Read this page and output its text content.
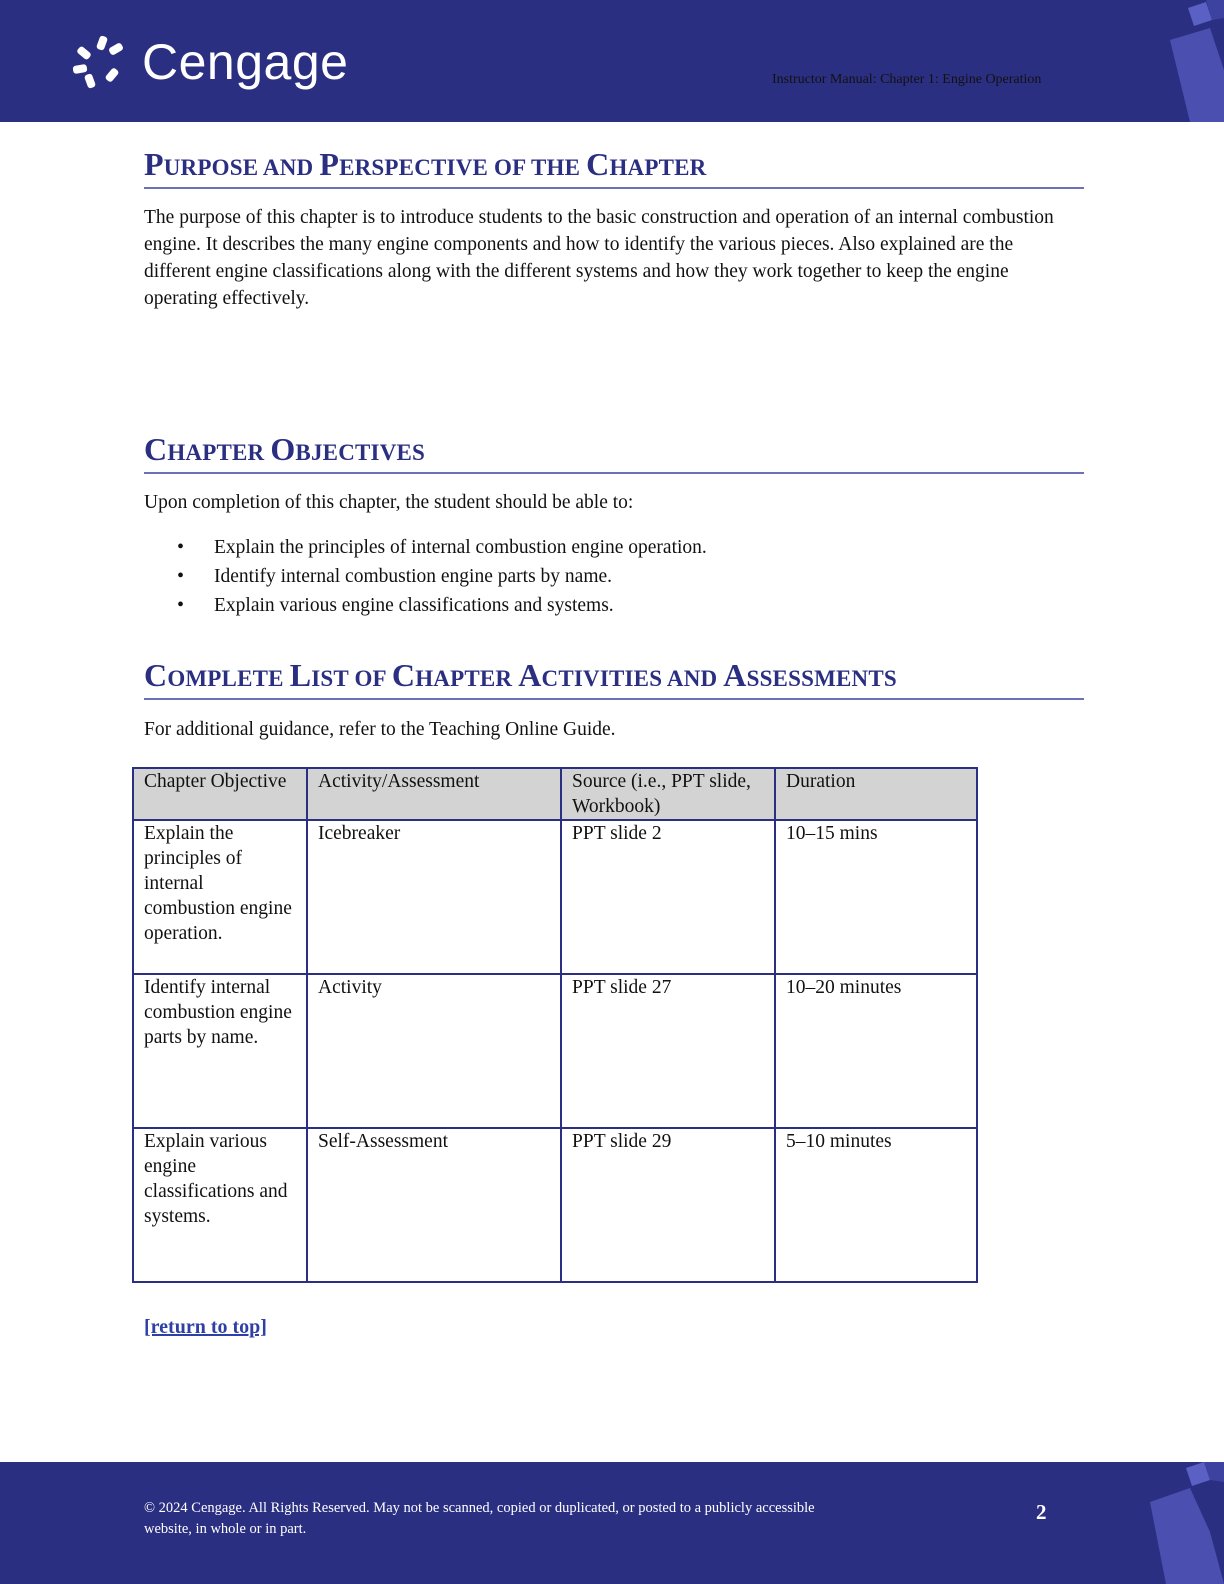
Cengage	Instructor Manual: Chapter 1: Engine Operation
PURPOSE AND PERSPECTIVE OF THE CHAPTER

The purpose of this chapter is to introduce students to the basic construction and operation of an internal combustion engine. It describes the many engine components and how to identify the various pieces. Also explained are the different engine classifications along with the different systems and how they work together to keep the engine operating effectively.

CHAPTER OBJECTIVES

Upon completion of this chapter, the student should be able to:

• Explain the principles of internal combustion engine operation.
• Identify internal combustion engine parts by name.
• Explain various engine classifications and systems.
COMPLETE LIST OF CHAPTER ACTIVITIES AND ASSESSMENTS

For additional guidance, refer to the Teaching Online Guide.

Chapter Objective	Activity/Assessment	Source (i.e., PPT slide, Workbook)	Duration
Explain the principles of internal combustion engine operation.	Icebreaker	PPT slide 2	10–15 mins
Identify internal combustion engine parts by name.	Activity	PPT slide 27	10–20 minutes
Explain various engine classifications and systems.	Self-Assessment	PPT slide 29	5–10 minutes
[return to top]
© 2024 Cengage. All Rights Reserved. May not be scanned, copied or duplicated, or posted to a publicly accessible website, in whole or in part.
2
